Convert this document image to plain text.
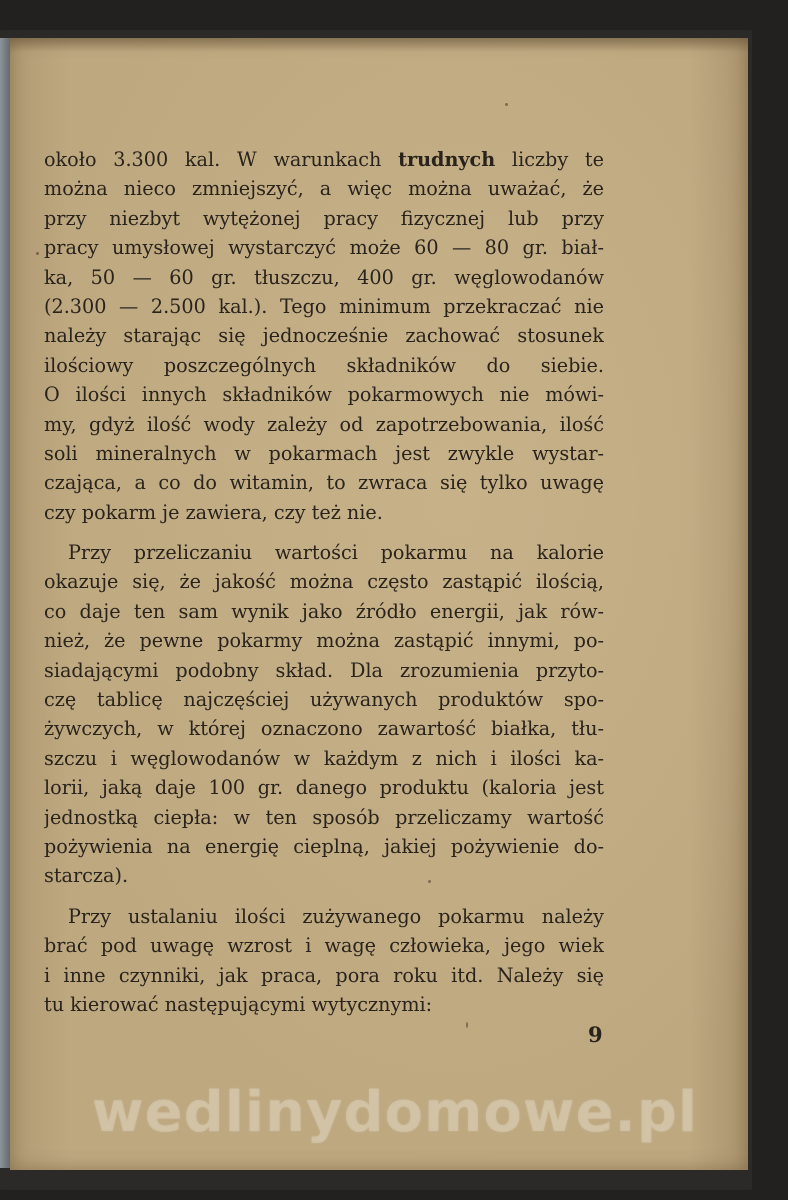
około 3.300 kal. W warunkach trudnych liczby te
można nieco zmniejszyć, a więc można uważać, że
przy niezbyt wytężonej pracy fizycznej lub przy
pracy umysłowej wystarczyć może 60 — 80 gr. biał-
ka, 50 — 60 gr. tłuszczu, 400 gr. węglowodanów
(2.300 — 2.500 kal.). Tego minimum przekraczać nie
należy starając się jednocześnie zachować stosunek
ilościowy poszczególnych składników do siebie.
O ilości innych składników pokarmowych nie mówi-
my, gdyż ilość wody zależy od zapotrzebowania, ilość
soli mineralnych w pokarmach jest zwykle wystar-
czająca, a co do witamin, to zwraca się tylko uwagę
czy pokarm je zawiera, czy też nie.
Przy przeliczaniu wartości pokarmu na kalorie
okazuje się, że jakość można często zastąpić ilością,
co daje ten sam wynik jako źródło energii, jak rów-
nież, że pewne pokarmy można zastąpić innymi, po-
siadającymi podobny skład. Dla zrozumienia przyto-
czę tablicę najczęściej używanych produktów spo-
żywczych, w której oznaczono zawartość białka, tłu-
szczu i węglowodanów w każdym z nich i ilości ka-
lorii, jaką daje 100 gr. danego produktu (kaloria jest
jednostką ciepła: w ten sposób przeliczamy wartość
pożywienia na energię cieplną, jakiej pożywienie do-
starcza).
Przy ustalaniu ilości zużywanego pokarmu należy
brać pod uwagę wzrost i wagę człowieka, jego wiek
i inne czynniki, jak praca, pora roku itd. Należy się
tu kierować następującymi wytycznymi:
9
wedlinydomowe.pl
